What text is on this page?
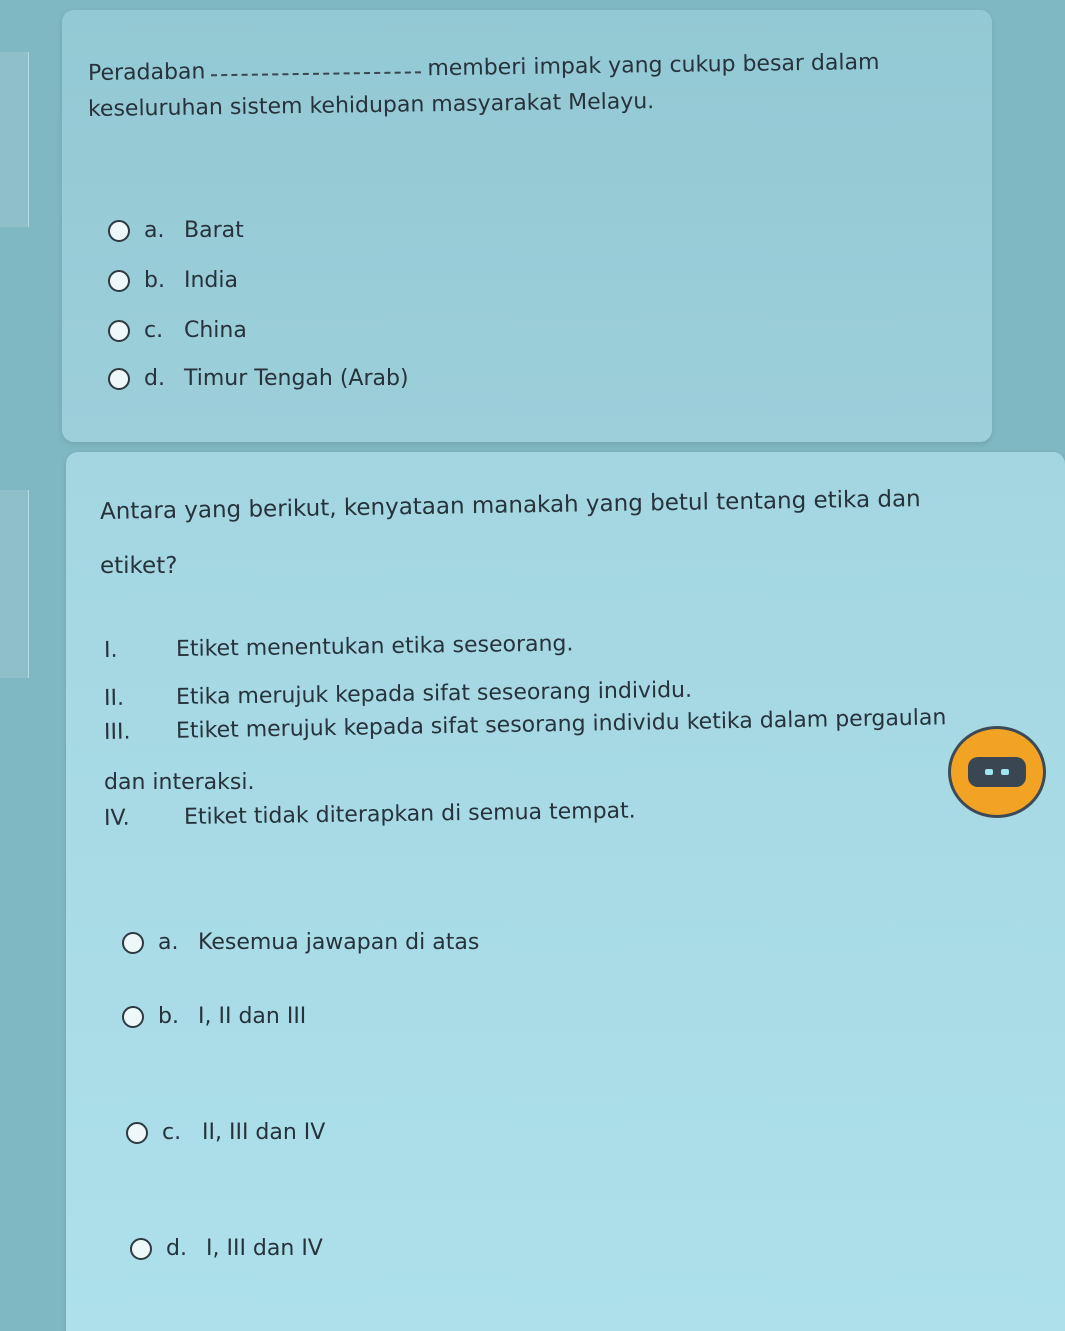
Peradaban	memberi impak yang cukup besar dalam
keseluruhan sistem kehidupan masyarakat Melayu.
a. Barat
b. India
c. China
d. Timur Tengah (Arab)
Antara yang berikut, kenyataan manakah yang betul tentang etika dan
etiket?
I.	Etiket menentukan etika seseorang.
II. Etika merujuk kepada sifat seseorang individu.
III. Etiket merujuk kepada sifat sesorang individu ketika dalam pergaulan
dan interaksi.
IV. Etiket tidak diterapkan di semua tempat.
a. Kesemua jawapan di atas
b. I, II dan III
c. II, III dan IV
d. I, III dan IV
